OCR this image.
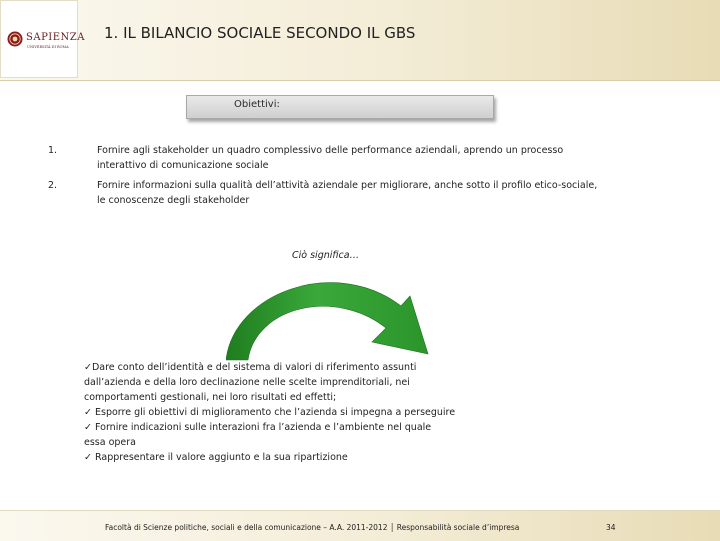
SAPIENZA
UNIVERSITÀ DI ROMA
1. IL BILANCIO SOCIALE SECONDO IL GBS
Obiettivi:
1.	Fornire agli stakeholder un quadro complessivo delle performance aziendali, aprendo un processo
interattivo di comunicazione sociale
2.	Fornire informazioni sulla qualità dell’attività aziendale per migliorare, anche sotto il profilo etico-sociale,
le conoscenze degli stakeholder
Ciò significa…
✓Dare conto dell’identità e del sistema di valori di riferimento assunti
dall’azienda e della loro declinazione nelle scelte imprenditoriali, nei
comportamenti gestionali, nei loro risultati ed effetti;
✓ Esporre gli obiettivi di miglioramento che l’azienda si impegna a perseguire
✓ Fornire indicazioni sulle interazioni fra l’azienda e l’ambiente nel quale
essa opera
✓ Rappresentare il valore aggiunto e la sua ripartizione
Facoltà di Scienze politiche, sociali e della comunicazione – A.A. 2011-2012 │ Responsabilità sociale d’impresa	34
